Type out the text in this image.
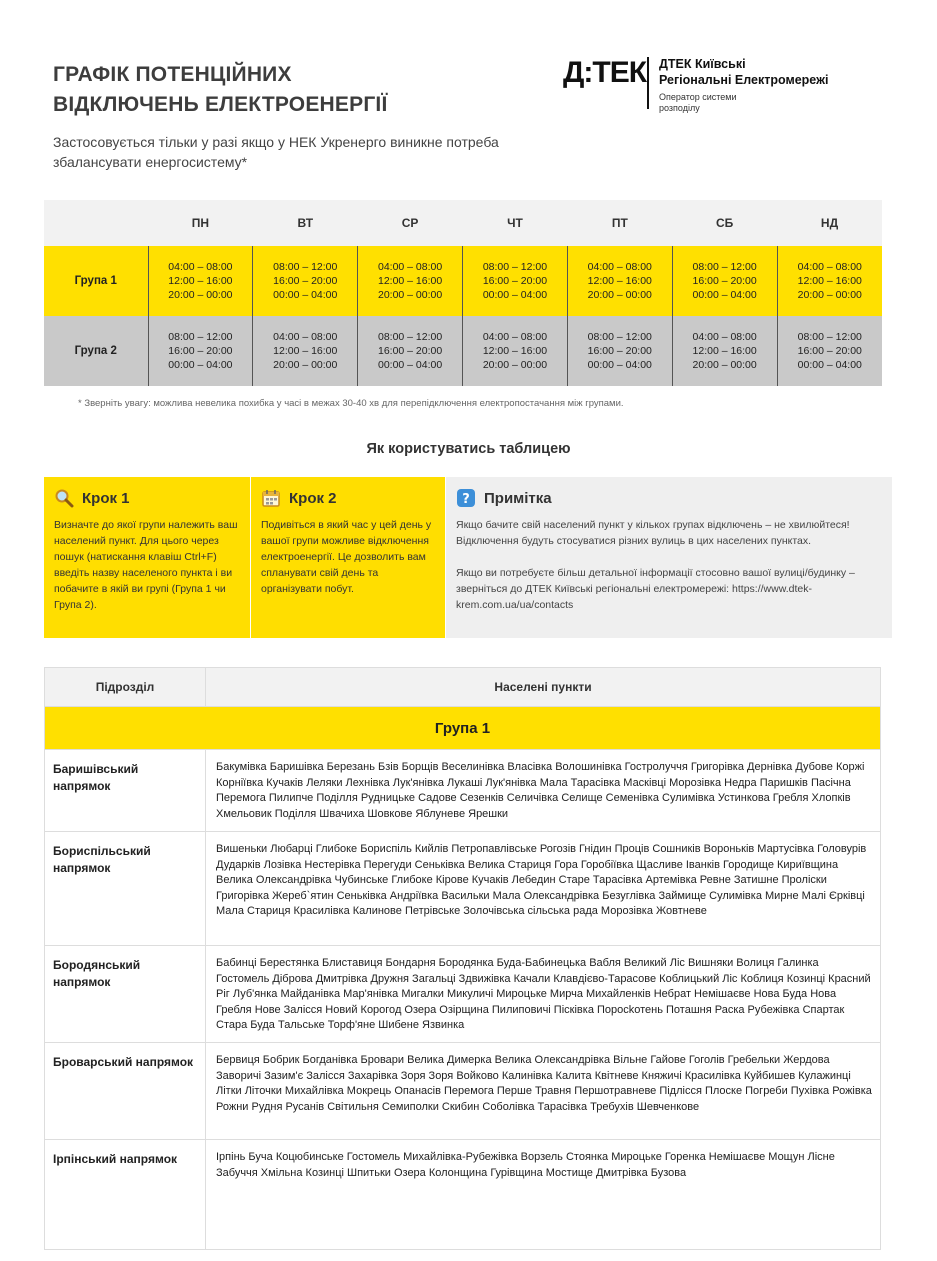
ГРАФІК ПОТЕНЦІЙНИХ
ВІДКЛЮЧЕНЬ ЕЛЕКТРОЕНЕРГІЇ
Застосовується тільки у разі якщо у НЕК Укренерго виникне потреба збалансувати енергосистему*
Д:ТЕК ДТЕК Київські
Регіональні Електромережі
Оператор системи
розподілу
	ПН	ВТ	СР	ЧТ	ПТ	СБ	НД
Група 1	04:00 – 08:00
12:00 – 16:00
20:00 – 00:00	08:00 – 12:00
16:00 – 20:00
00:00 – 04:00	04:00 – 08:00
12:00 – 16:00
20:00 – 00:00	08:00 – 12:00
16:00 – 20:00
00:00 – 04:00	04:00 – 08:00
12:00 – 16:00
20:00 – 00:00	08:00 – 12:00
16:00 – 20:00
00:00 – 04:00	04:00 – 08:00
12:00 – 16:00
20:00 – 00:00

Група 2	08:00 – 12:00
16:00 – 20:00
00:00 – 04:00	04:00 – 08:00
12:00 – 16:00
20:00 – 00:00	08:00 – 12:00
16:00 – 20:00
00:00 – 04:00	04:00 – 08:00
12:00 – 16:00
20:00 – 00:00	08:00 – 12:00
16:00 – 20:00
00:00 – 04:00	04:00 – 08:00
12:00 – 16:00
20:00 – 00:00	08:00 – 12:00
16:00 – 20:00
00:00 – 04:00
* Зверніть увагу: можлива невелика похибка у часі в межах 30-40 хв для перепідключення електропостачання між групами.
Як користуватись таблицею
Крок 1
Визначте до якої групи належить ваш населений пункт. Для цього через пошук (натискання клавіш Ctrl+F) введіть назву населеного пункта і ви побачите в якій ви групі (Група 1 чи Група 2).
Крок 2
Подивіться в який час у цей день у вашої групи можливе відключення електроенергії. Це дозволить вам спланувати свій день та організувати побут.
? Примітка

Якщо бачите свій населений пункт у кількох групах відключень – не хвилюйтеся! Відключення будуть стосуватися різних вулиць в цих населених пунктах.

Якщо ви потребуєте більш детальної інформації стосовно вашої вулиці/будинку – зверніться до ДТЕК Київські регіональні електромережі: https://www.dtek-krem.com.ua/ua/contacts

Підрозділ	Населені пункти
Група 1	
Баришівський напрямок	Бакумівка Баришівка Березань Бзів Борщів Веселинівка Власівка Волошинівка Гостролуччя Григорівка Дернівка Дубове Коржі Корніївка Кучаків Леляки Лехнівка Лук'янівка Лукаші Лук'янівка Мала Тарасівка Масківці Морозівка Недра Паришків Пасічна Перемога Пилипче Поділля Рудницьке Садове Сезенків Селичівка Селище Семенівка Сулимівка Устинкова Гребля Хлопків Хмельовик Поділля Швачиха Шовкове Яблуневе Ярешки
Бориспільський напрямок	Вишеньки Любарці Глибоке Бориспіль Кийлів Петропавлівське Рогозів Гнідин Проців Сошників Вороньків Мартусівка Головурів Дударків Лозівка Нестерівка Перегуди Сеньківка Велика Стариця Гора Горобіївка Щасливе Іванків Городище Кириївщина Велика Олександрівка Чубинське Глибоке Кірове Кучаків Лебедин Старе Тарасівка Артемівка Ревне Затишне Проліски Григорівка Жереб`ятин Сеньківка Андріївка Васильки Мала Олександрівка Безуглівка Займище Сулимівка Мирне Малі Єрківці Мала Стариця Красилівка Калинове Петрівське Золочівська сільська рада Морозівка Жовтневе
Бородянський напрямок	Бабинці Берестянка Блиставиця Бондарня Бородянка Буда-Бабинецька Вабля Великий Ліс Вишняки Волиця Галинка Гостомель Діброва Дмитрівка Дружня Загальці Здвижівка Качали Клавдієво-Тарасове Коблицький Ліс Коблиця Козинці Красний Ріг Луб'янка Майданівка Мар'янівка Мигалки Микуличі Мироцьке Мирча Михайленків Небрат Немішаєве Нова Буда Нова Гребля Нове Залісся Новий Корогод Озера Озірщина Пилиповичі Пісківка Поросkотень Поташня Раска Рубежівка Спартак Стара Буда Тальське Торф'яне Шибене Язвинка
Броварський напрямок	Бервиця Бобрик Богданівка Бровари Велика Димерка Велика Олександрівка Вільне Гайове Гоголів Гребельки Жердова Заворичі Зазим'є Залісся Захарівка Зоря Зоря Войково Калинівка Калита Квітневе Княжичі Красилівка Куйбишев Кулажинці Літки Літочки Михайлівка Мокрець Опанасів Перемога Перше Травня Першотравневе Підлісся Плоске Погреби Пухівка Рожівка Рожни Рудня Русанів Світильня Семиполки Скибин Соболівка Тарасівка Требухів Шевченкове
Ірпінський напрямок	Ірпінь Буча Коцюбинське Гостомель Михайлівка-Рубежівка Ворзель Стоянка Мироцьке Горенка Немішаєве Мощун Лісне Забуччя Хмільна Козинці Шпитьки Озера Колонщина Гурівщина Мостище Дмитрівка Бузова
